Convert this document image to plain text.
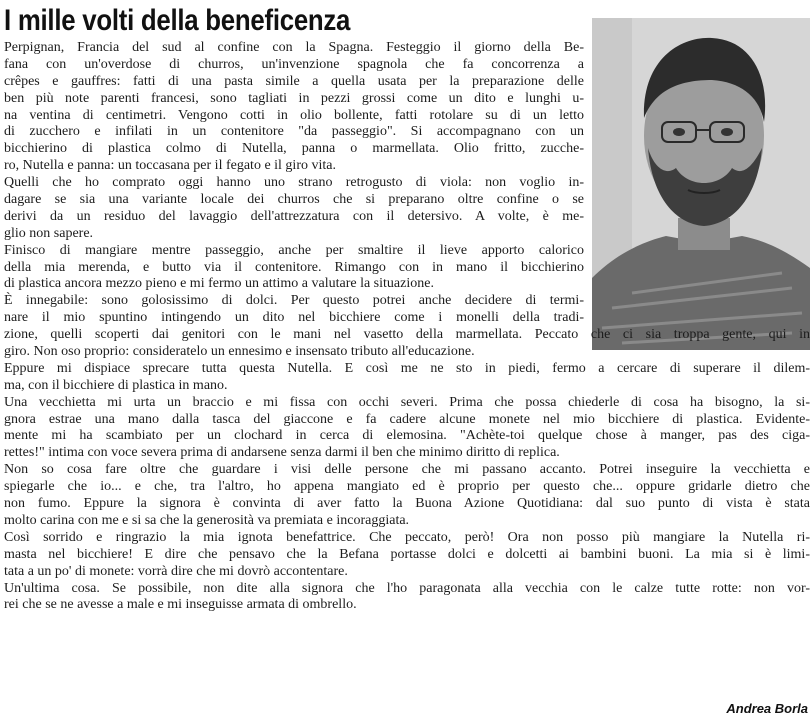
I mille volti della beneficenza
Perpignan, Francia del sud al confine con la Spagna. Festeggio il giorno della Be-
fana con un'overdose di churros, un'invenzione spagnola che fa concorrenza a
crêpes e gauffres: fatti di una pasta simile a quella usata per la preparazione delle
ben più note parenti francesi, sono tagliati in pezzi grossi come un dito e lunghi u-
na ventina di centimetri. Vengono cotti in olio bollente, fatti rotolare su di un letto
di zucchero e infilati in un contenitore "da passeggio". Si accompagnano con un
bicchierino di plastica colmo di Nutella, panna o marmellata. Olio fritto, zucche-
ro, Nutella e panna: un toccasana per il fegato e il giro vita.
Quelli che ho comprato oggi hanno uno strano retrogusto di viola: non voglio in-
dagare se sia una variante locale dei churros che si preparano oltre confine o se
derivi da un residuo del lavaggio dell'attrezzatura con il detersivo. A volte, è me-
glio non sapere.
Finisco di mangiare mentre passeggio, anche per smaltire il lieve apporto calorico
della mia merenda, e butto via il contenitore. Rimango con in mano il bicchierino
di plastica ancora mezzo pieno e mi fermo un attimo a valutare la situazione.
È innegabile: sono golosissimo di dolci. Per questo potrei anche decidere di termi-
nare il mio spuntino intingendo un dito nel bicchiere come i monelli della tradi-
zione, quelli scoperti dai genitori con le mani nel vasetto della marmellata. Peccato che ci sia troppa gente, qui in
giro. Non oso proprio: consideratelo un ennesimo e insensato tributo all'educazione.
Eppure mi dispiace sprecare tutta questa Nutella. E così me ne sto in piedi, fermo a cercare di superare il dilem-
ma, con il bicchiere di plastica in mano.
Una vecchietta mi urta un braccio e mi fissa con occhi severi. Prima che possa chiederle di cosa ha bisogno, la si-
gnora estrae una mano dalla tasca del giaccone e fa cadere alcune monete nel mio bicchiere di plastica. Evidente-
mente mi ha scambiato per un clochard in cerca di elemosina. "Achète-toi quelque chose à manger, pas des ciga-
rettes!" intima con voce severa prima di andarsene senza darmi il ben che minimo diritto di replica.
Non so cosa fare oltre che guardare i visi delle persone che mi passano accanto. Potrei inseguire la vecchietta e
spiegarle che io... e che, tra l'altro, ho appena mangiato ed è proprio per questo che... oppure gridarle dietro che
non fumo. Eppure la signora è convinta di aver fatto la Buona Azione Quotidiana: dal suo punto di vista è stata
molto carina con me e si sa che la generosità va premiata e incoraggiata.
Così sorrido e ringrazio la mia ignota benefattrice. Che peccato, però! Ora non posso più mangiare la Nutella ri-
masta nel bicchiere! E dire che pensavo che la Befana portasse dolci e dolcetti ai bambini buoni. La mia si è limi-
tata a un po' di monete: vorrà dire che mi dovrò accontentare.
Un'ultima cosa. Se possibile, non dite alla signora che l'ho paragonata alla vecchia con le calze tutte rotte: non vor-
rei che se ne avesse a male e mi inseguisse armata di ombrello.
Andrea Borla
